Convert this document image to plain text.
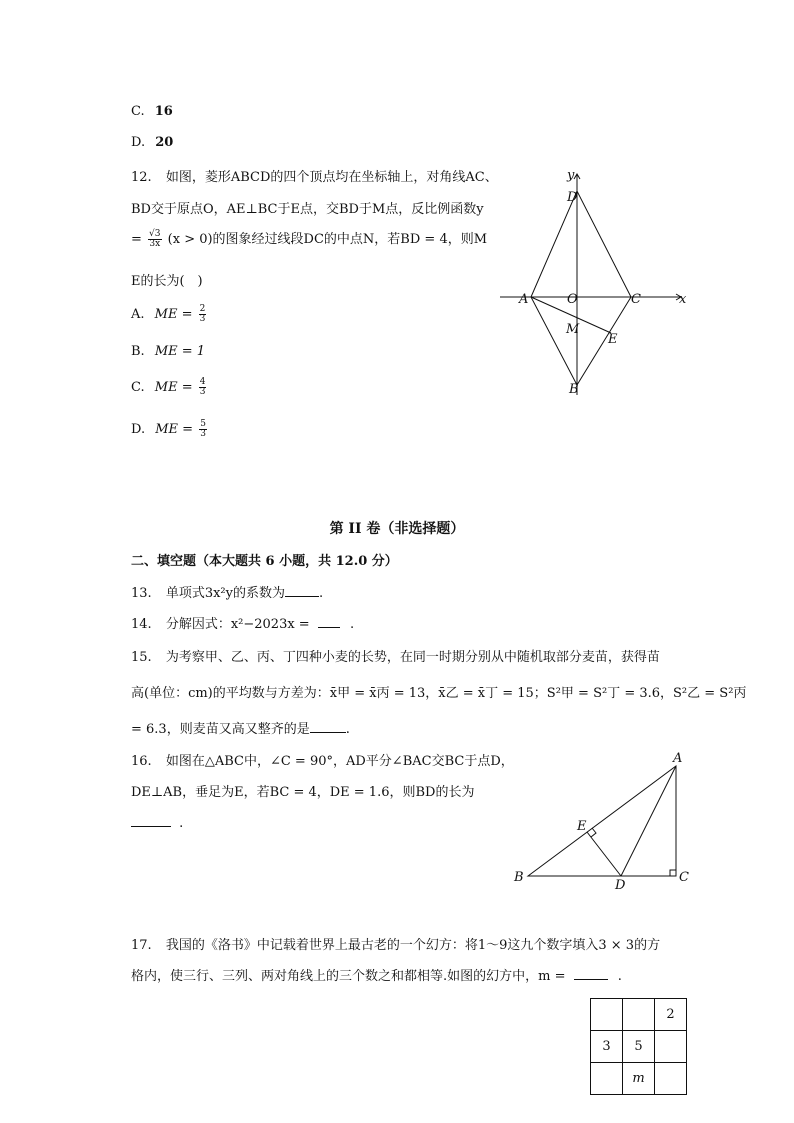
C. 16
D. 20
12. 如图，菱形ABCD的四个顶点均在坐标轴上，对角线AC、
BD交于原点O，AE⊥BC于E点，交BD于M点，反比例函数y
= $\frac{√3}{3x} (x > 0)$的图象经过线段DC的中点N，若BD = 4，则M
E的长为(　)
A. ME = $\frac{2}{3}$
B. ME = 1
C. ME = $\frac{4}{3}$
D. ME = $\frac{5}{3}$
y
x
D
A	O	C
M
E
B
第 II 卷（非选择题）
二、填空题（本大题共 6 小题，共 12.0 分）
13. 单项式3x²y的系数为	.
14. 分解因式：x²−2023x =	.
15. 为考察甲、乙、丙、丁四种小麦的长势，在同一时期分别从中随机取部分麦苗，获得苗
高(单位：cm)的平均数与方差为：x̄甲 = x̄丙 = 13，x̄乙 = x̄丁 = 15；S²甲 = S²丁 = 3.6，S²乙 = S²丙
= 6.3，则麦苗又高又整齐的是	.
16. 如图在△ABC中，∠C = 90°，AD平分∠BAC交BC于点D，
DE⊥AB，垂足为E，若BC = 4，DE = 1.6，则BD的长为
.
A
B	C
D
E
17. 我国的《洛书》中记载着世界上最古老的一个幻方：将1～9这九个数字填入3 × 3的方
格内，使三行、三列、两对角线上的三个数之和都相等.如图的幻方中，m =	.
		2
3	5	
	m	
